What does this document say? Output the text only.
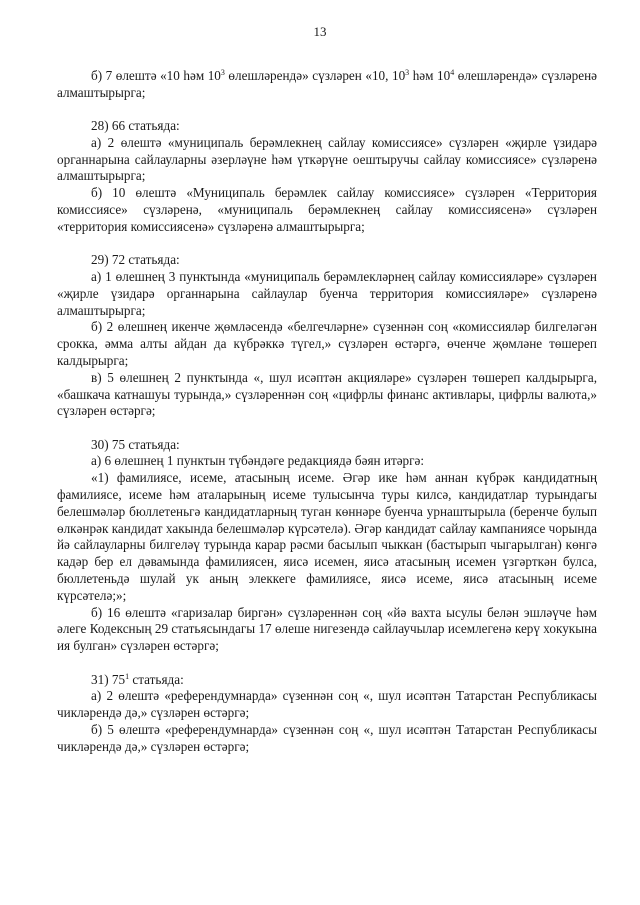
13

б) 7 өлештә «10 һәм $10^3$ өлешләрендә» сүзләрен «10, $10^3$ һәм $10^4$ өлешләрендә» сүзләренә алмаштырырга;

28) 66 статьяда:

а) 2 өлештә «муниципаль берәмлекнең сайлау комиссиясе» сүзләрен «җирле үзидарә органнарына сайлауларны әзерләүне һәм үткәрүне оештыручы сайлау комиссиясе» сүзләренә алмаштырырга;

б) 10 өлештә «Муниципаль берәмлек сайлау комиссиясе» сүзләрен «Территория комиссиясе» сүзләренә, «муниципаль берәмлекнең сайлау комиссиясенә» сүзләрен «территория комиссиясенә» сүзләренә алмаштырырга;

29) 72 статьяда:

а) 1 өлешнең 3 пунктында «муниципаль берәмлекләрнең сайлау комиссияләре» сүзләрен «җирле үзидарә органнарына сайлаулар буенча территория комиссияләре» сүзләренә алмаштырырга;

б) 2 өлешнең икенче җөмләсендә «белгечләрне» сүзеннән соң «комиссияләр билгеләгән срокка, әмма алты айдан да күбрәккә түгел,» сүзләрен өстәргә, өченче җөмләне төшереп калдырырга;

в) 5 өлешнең 2 пунктында «, шул исәптән акцияләре» сүзләрен төшереп калдырырга, «башкача катнашуы турында,» сүзләреннән соң «цифрлы финанс активлары, цифрлы валюта,» сүзләрен өстәргә;

30) 75 статьяда:

а) 6 өлешнең 1 пунктын түбәндәге редакциядә бәян итәргә:

«1) фамилиясе, исеме, атасының исеме. Әгәр ике һәм аннан күбрәк кандидатның фамилиясе, исеме һәм аталарының исеме тулысынча туры килсә, кандидатлар турындагы белешмәләр бюллетеньгә кандидатларның туган көннәре буенча урнаштырыла (беренче булып өлкәнрәк кандидат хакында белешмәләр күрсәтелә). Әгәр кандидат сайлау кампаниясе чорында йә сайлауларны билгеләү турында карар рәсми басылып чыккан (бастырып чыгарылган) көнгә кадәр бер ел дәвамында фамилиясен, яисә исемен, яисә атасының исемен үзгәрткән булса, бюллетеньдә шулай ук аның элеккеге фамилиясе, яисә исеме, яисә атасының исеме күрсәтелә;»;

б) 16 өлештә «гаризалар биргән» сүзләреннән соң «йә вахта ысулы белән эшләүче һәм әлеге Кодексның 29 статьясындагы 17 өлеше нигезендә сайлаучылар исемлегенә керү хокукына ия булган» сүзләрен өстәргә;

31) $75^1$ статьяда:

а) 2 өлештә «референдумнарда» сүзеннән соң «, шул исәптән Татарстан Республикасы чикләрендә дә,» сүзләрен өстәргә;

б) 5 өлештә «референдумнарда» сүзеннән соң «, шул исәптән Татарстан Республикасы чикләрендә дә,» сүзләрен өстәргә;
